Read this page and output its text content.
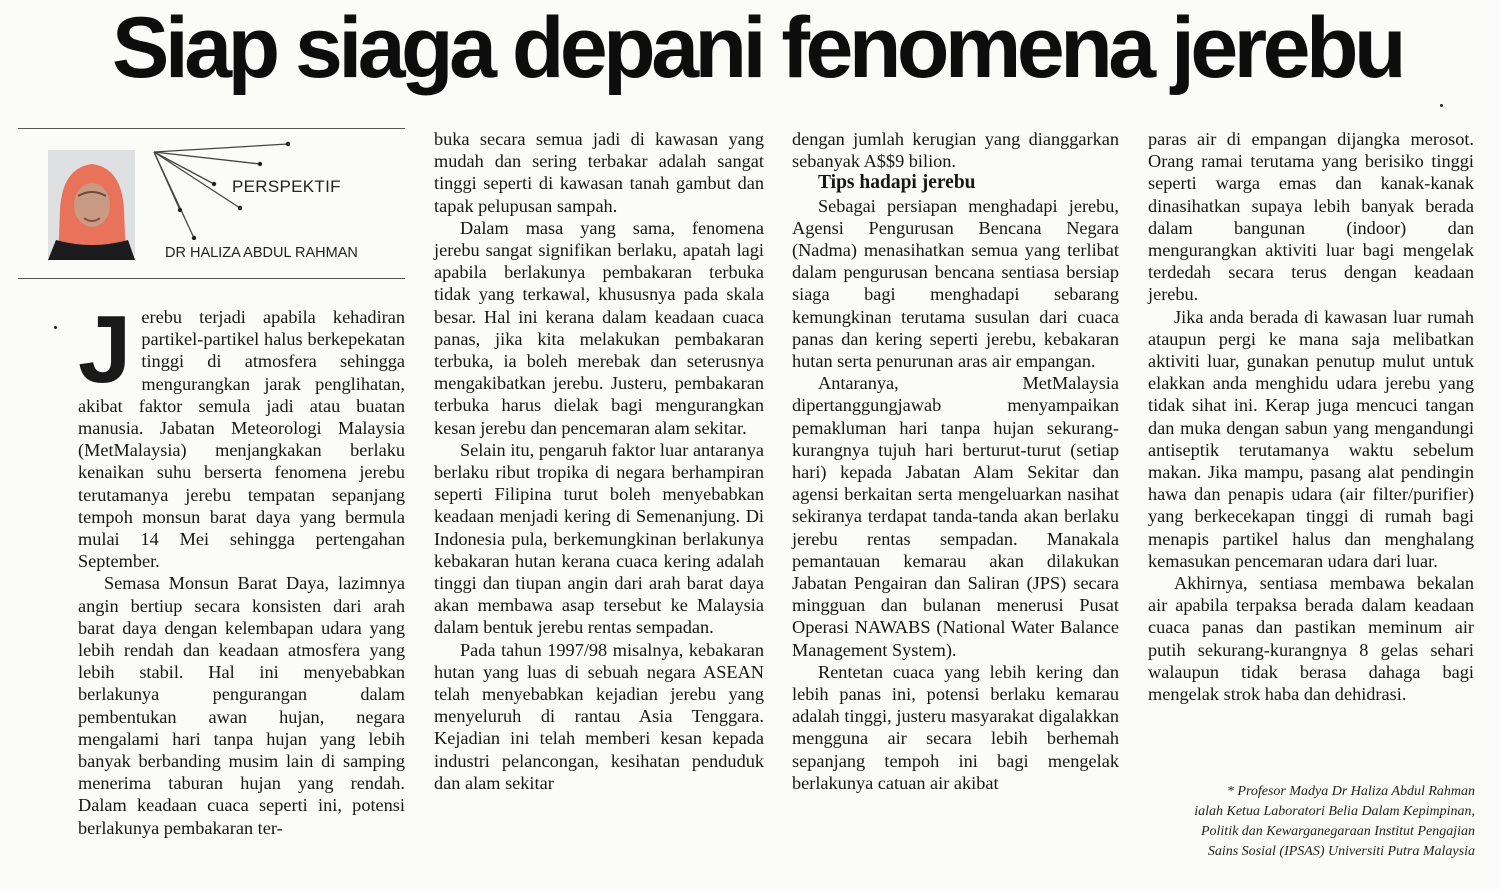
Siap siaga depani fenomena jerebu
PERSPEKTIF
DR HALIZA ABDUL RAHMAN

Jerebu terjadi apabila kehadiran partikel-partikel halus berkepekatan tinggi di atmosfera sehingga mengurangkan jarak penglihatan, akibat faktor semula jadi atau buatan manusia. Jabatan Meteorologi Malaysia (MetMalaysia) menjangkakan berlaku kenaikan suhu berserta fenomena jerebu terutamanya jerebu tempatan sepanjang tempoh monsun barat daya yang bermula mulai 14 Mei sehingga pertengahan September.

Semasa Monsun Barat Daya, lazimnya angin bertiup secara konsisten dari arah barat daya dengan kelembapan udara yang lebih rendah dan keadaan atmosfera yang lebih stabil. Hal ini menyebabkan berlakunya pengurangan dalam pembentukan awan hujan, negara mengalami hari tanpa hujan yang lebih banyak berbanding musim lain di samping menerima taburan hujan yang rendah. Dalam keadaan cuaca seperti ini, potensi berlakunya pembakaran ter-

buka secara semua jadi di kawasan yang mudah dan sering terbakar adalah sangat tinggi seperti di kawasan tanah gambut dan tapak pelupusan sampah.

Dalam masa yang sama, fenomena jerebu sangat signifikan berlaku, apatah lagi apabila berlakunya pembakaran terbuka tidak yang terkawal, khususnya pada skala besar. Hal ini kerana dalam keadaan cuaca panas, jika kita melakukan pembakaran terbuka, ia boleh merebak dan seterusnya mengakibatkan jerebu. Justeru, pembakaran terbuka harus dielak bagi mengurangkan kesan jerebu dan pencemaran alam sekitar.

Selain itu, pengaruh faktor luar antaranya berlaku ribut tropika di negara berhampiran seperti Filipina turut boleh menyebabkan keadaan menjadi kering di Semenanjung. Di Indonesia pula, berkemungkinan berlakunya kebakaran hutan kerana cuaca kering adalah tinggi dan tiupan angin dari arah barat daya akan membawa asap tersebut ke Malaysia dalam bentuk jerebu rentas sempadan.

Pada tahun 1997/98 misalnya, kebakaran hutan yang luas di sebuah negara ASEAN telah menyebabkan kejadian jerebu yang menyeluruh di rantau Asia Tenggara. Kejadian ini telah memberi kesan kepada industri pelancongan, kesihatan penduduk dan alam sekitar

dengan jumlah kerugian yang dianggarkan sebanyak A$$9 bilion.

Tips hadapi jerebu

Sebagai persiapan menghadapi jerebu, Agensi Pengurusan Bencana Negara (Nadma) menasihatkan semua yang terlibat dalam pengurusan bencana sentiasa bersiap siaga bagi menghadapi sebarang kemungkinan terutama susulan dari cuaca panas dan kering seperti jerebu, kebakaran hutan serta penurunan aras air empangan.

Antaranya, MetMalaysia dipertanggungjawab menyampaikan pemakluman hari tanpa hujan sekurang-kurangnya tujuh hari berturut-turut (setiap hari) kepada Jabatan Alam Sekitar dan agensi berkaitan serta mengeluarkan nasihat sekiranya terdapat tanda-tanda akan berlaku jerebu rentas sempadan. Manakala pemantauan kemarau akan dilakukan Jabatan Pengairan dan Saliran (JPS) secara mingguan dan bulanan menerusi Pusat Operasi NAWABS (National Water Balance Management System).

Rentetan cuaca yang lebih kering dan lebih panas ini, potensi berlaku kemarau adalah tinggi, justeru masyarakat digalakkan mengguna air secara lebih berhemah sepanjang tempoh ini bagi mengelak berlakunya catuan air akibat

paras air di empangan dijangka merosot. Orang ramai terutama yang berisiko tinggi seperti warga emas dan kanak-kanak dinasihatkan supaya lebih banyak berada dalam bangunan (indoor) dan mengurangkan aktiviti luar bagi mengelak terdedah secara terus dengan keadaan jerebu.

Jika anda berada di kawasan luar rumah ataupun pergi ke mana saja melibatkan aktiviti luar, gunakan penutup mulut untuk elakkan anda menghidu udara jerebu yang tidak sihat ini. Kerap juga mencuci tangan dan muka dengan sabun yang mengandungi antiseptik terutamanya waktu sebelum makan. Jika mampu, pasang alat pendingin hawa dan penapis udara (air filter/purifier) yang berkecekapan tinggi di rumah bagi menapis partikel halus dan menghalang kemasukan pencemaran udara dari luar.

Akhirnya, sentiasa membawa bekalan air apabila terpaksa berada dalam keadaan cuaca panas dan pastikan meminum air putih sekurang-kurangnya 8 gelas sehari walaupun tidak berasa dahaga bagi mengelak strok haba dan dehidrasi.

* Profesor Madya Dr Haliza Abdul Rahman
ialah Ketua Laboratori Belia Dalam Kepimpinan,
Politik dan Kewarganegaraan Institut Pengajian
Sains Sosial (IPSAS) Universiti Putra Malaysia
